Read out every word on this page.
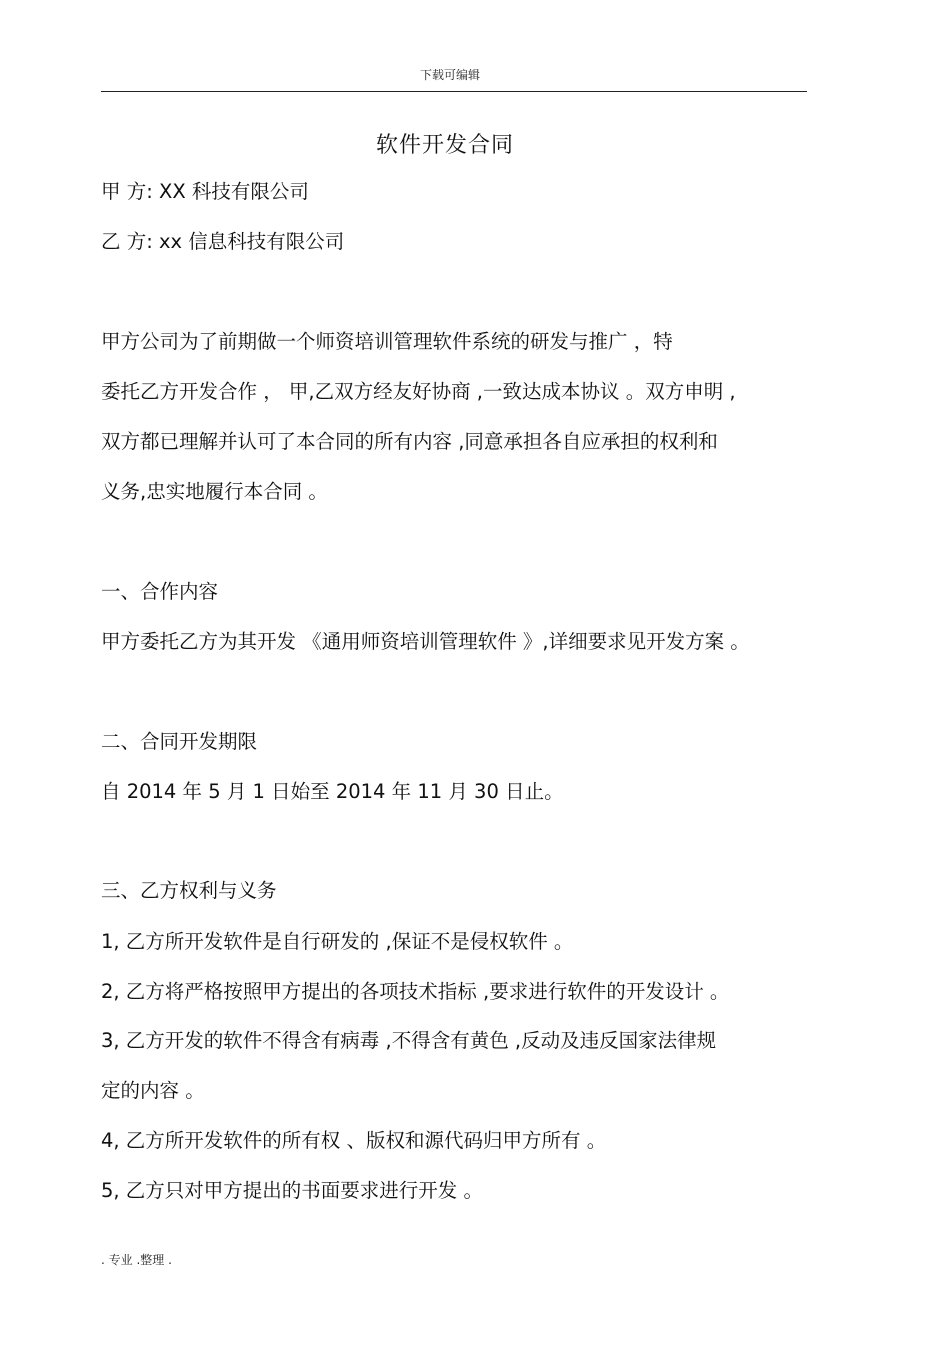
下载可编辑
软件开发合同
甲 方: XX 科技有限公司
乙 方: xx 信息科技有限公司
甲方公司为了前期做一个师资培训管理软件系统的研发与推广 ，特
委托乙方开发合作 ， 甲,乙双方经友好协商 ,一致达成本协议 。双方申明 ,
双方都已理解并认可了本合同的所有内容 ,同意承担各自应承担的权利和
义务,忠实地履行本合同 。
一、合作内容
甲方委托乙方为其开发 《通用师资培训管理软件 》,详细要求见开发方案 。
二、合同开发期限
自 2014 年 5 月 1 日始至 2014 年 11 月 30 日止。
三、乙方权利与义务
1, 乙方所开发软件是自行研发的 ,保证不是侵权软件 。
2, 乙方将严格按照甲方提出的各项技术指标 ,要求进行软件的开发设计 。
3, 乙方开发的软件不得含有病毒 ,不得含有黄色 ,反动及违反国家法律规
定的内容 。
4, 乙方所开发软件的所有权 、版权和源代码归甲方所有 。
5, 乙方只对甲方提出的书面要求进行开发 。
. 专业 .整理 .
